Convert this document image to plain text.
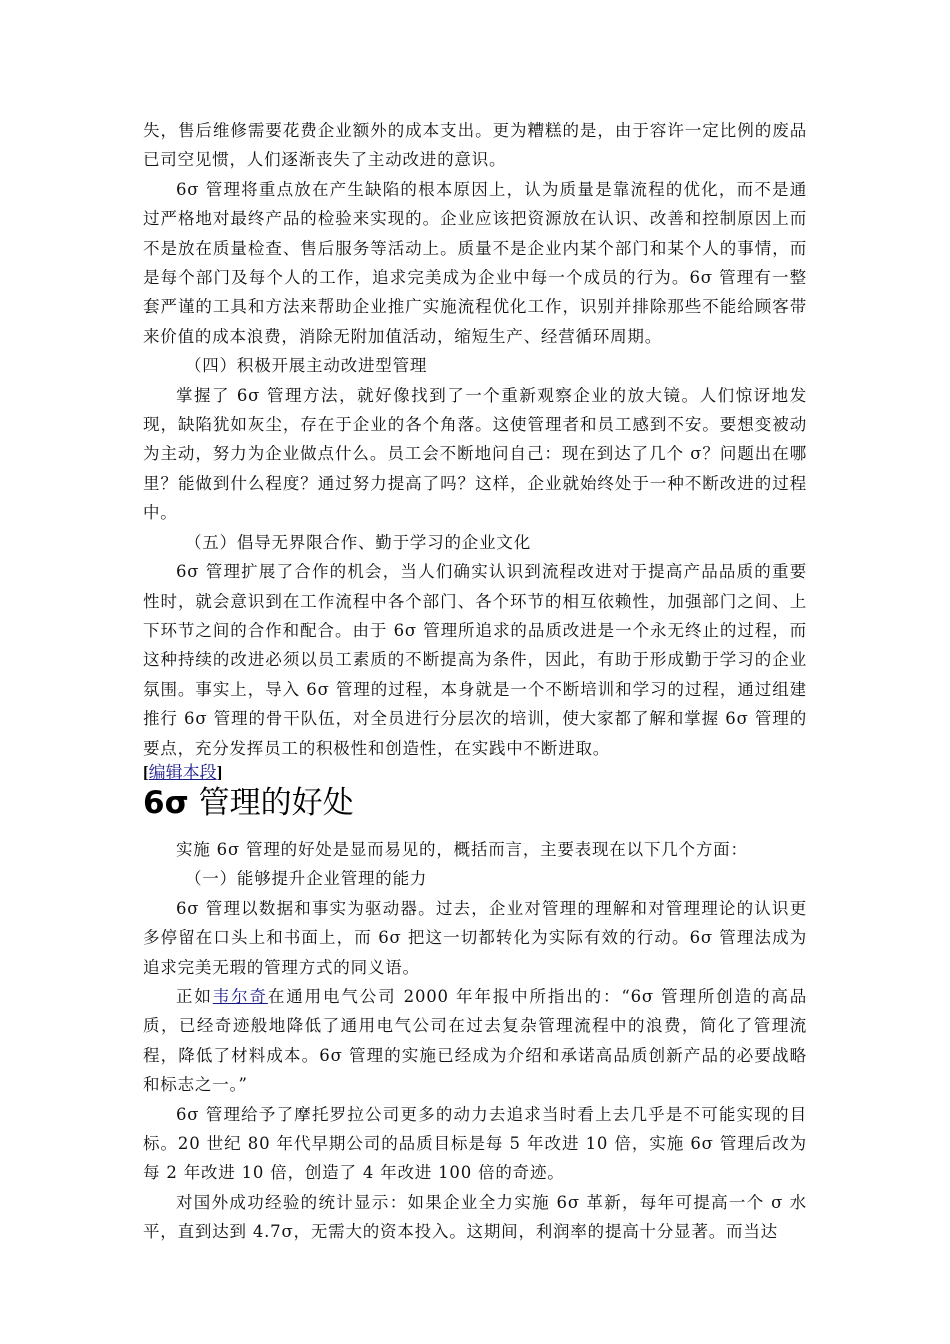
失，售后维修需要花费企业额外的成本支出。更为糟糕的是，由于容许一定比例的废品已司空见惯，人们逐渐丧失了主动改进的意识。

6σ 管理将重点放在产生缺陷的根本原因上，认为质量是靠流程的优化，而不是通过严格地对最终产品的检验来实现的。企业应该把资源放在认识、改善和控制原因上而不是放在质量检查、售后服务等活动上。质量不是企业内某个部门和某个人的事情，而是每个部门及每个人的工作，追求完美成为企业中每一个成员的行为。6σ 管理有一整套严谨的工具和方法来帮助企业推广实施流程优化工作，识别并排除那些不能给顾客带来价值的成本浪费，消除无附加值活动，缩短生产、经营循环周期。

（四）积极开展主动改进型管理

掌握了 6σ 管理方法，就好像找到了一个重新观察企业的放大镜。人们惊讶地发现，缺陷犹如灰尘，存在于企业的各个角落。这使管理者和员工感到不安。要想变被动为主动，努力为企业做点什么。员工会不断地问自己：现在到达了几个 σ？问题出在哪里？能做到什么程度？通过努力提高了吗？这样，企业就始终处于一种不断改进的过程中。

（五）倡导无界限合作、勤于学习的企业文化

6σ 管理扩展了合作的机会，当人们确实认识到流程改进对于提高产品品质的重要性时，就会意识到在工作流程中各个部门、各个环节的相互依赖性，加强部门之间、上下环节之间的合作和配合。由于 6σ 管理所追求的品质改进是一个永无终止的过程，而这种持续的改进必须以员工素质的不断提高为条件，因此，有助于形成勤于学习的企业氛围。事实上，导入 6σ 管理的过程，本身就是一个不断培训和学习的过程，通过组建推行 6σ 管理的骨干队伍，对全员进行分层次的培训，使大家都了解和掌握 6σ 管理的要点，充分发挥员工的积极性和创造性，在实践中不断进取。

[编辑本段]

6σ 管理的好处

实施 6σ 管理的好处是显而易见的，概括而言，主要表现在以下几个方面：

（一）能够提升企业管理的能力

6σ 管理以数据和事实为驱动器。过去，企业对管理的理解和对管理理论的认识更多停留在口头上和书面上，而 6σ 把这一切都转化为实际有效的行动。6σ 管理法成为追求完美无瑕的管理方式的同义语。

正如韦尔奇在通用电气公司 2000 年年报中所指出的：“6σ 管理所创造的高品质，已经奇迹般地降低了通用电气公司在过去复杂管理流程中的浪费，简化了管理流程，降低了材料成本。6σ 管理的实施已经成为介绍和承诺高品质创新产品的必要战略和标志之一。”

6σ 管理给予了摩托罗拉公司更多的动力去追求当时看上去几乎是不可能实现的目标。20 世纪 80 年代早期公司的品质目标是每 5 年改进 10 倍，实施 6σ 管理后改为每 2 年改进 10 倍，创造了 4 年改进 100 倍的奇迹。

对国外成功经验的统计显示：如果企业全力实施 6σ 革新，每年可提高一个 σ 水平，直到达到 4.7σ，无需大的资本投入。这期间，利润率的提高十分显著。而当达
